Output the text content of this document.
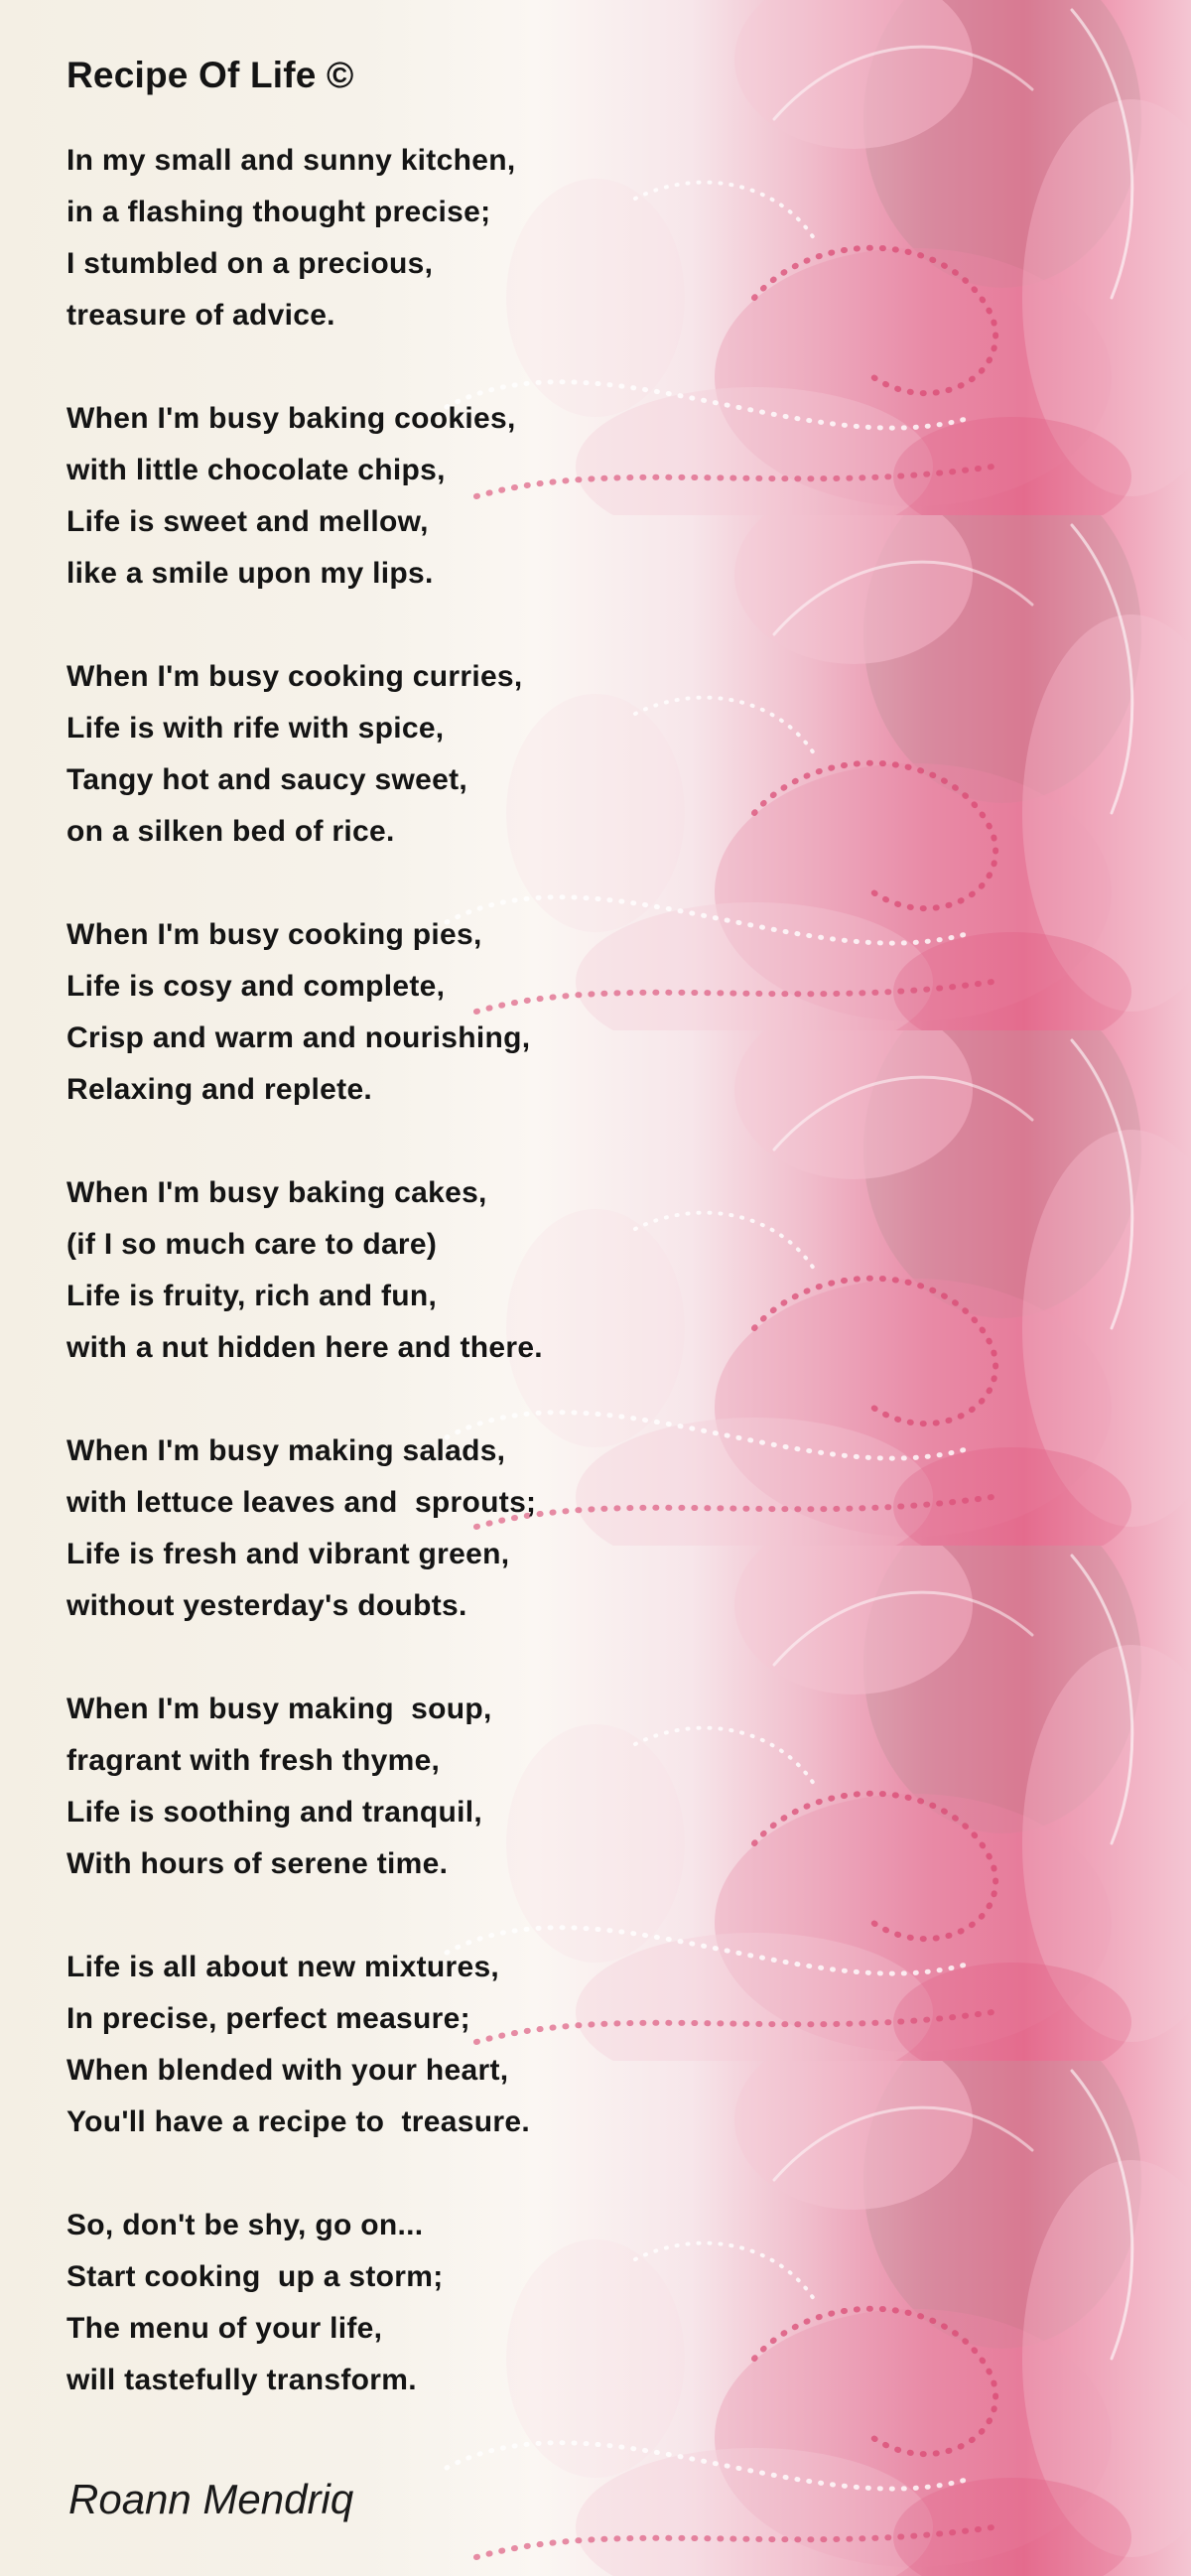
Recipe Of Life ©
In my small and sunny kitchen,
in a flashing thought precise;
I stumbled on a precious,
treasure of advice.
When I'm busy baking cookies,
with little chocolate chips,
Life is sweet and mellow,
like a smile upon my lips.
When I'm busy cooking curries,
Life is with rife with spice,
Tangy hot and saucy sweet,
on a silken bed of rice.
When I'm busy cooking pies,
Life is cosy and complete,
Crisp and warm and nourishing,
Relaxing and replete.
When I'm busy baking cakes,
(if I so much care to dare)
Life is fruity, rich and fun,
with a nut hidden here and there.
When I'm busy making salads,
with lettuce leaves and  sprouts;
Life is fresh and vibrant green,
without yesterday's doubts.
When I'm busy making  soup,
fragrant with fresh thyme,
Life is soothing and tranquil,
With hours of serene time.
Life is all about new mixtures,
In precise, perfect measure;
When blended with your heart,
You'll have a recipe to  treasure.
So, don't be shy, go on...
Start cooking  up a storm;
The menu of your life,
will tastefully transform.
Roann Mendriq
